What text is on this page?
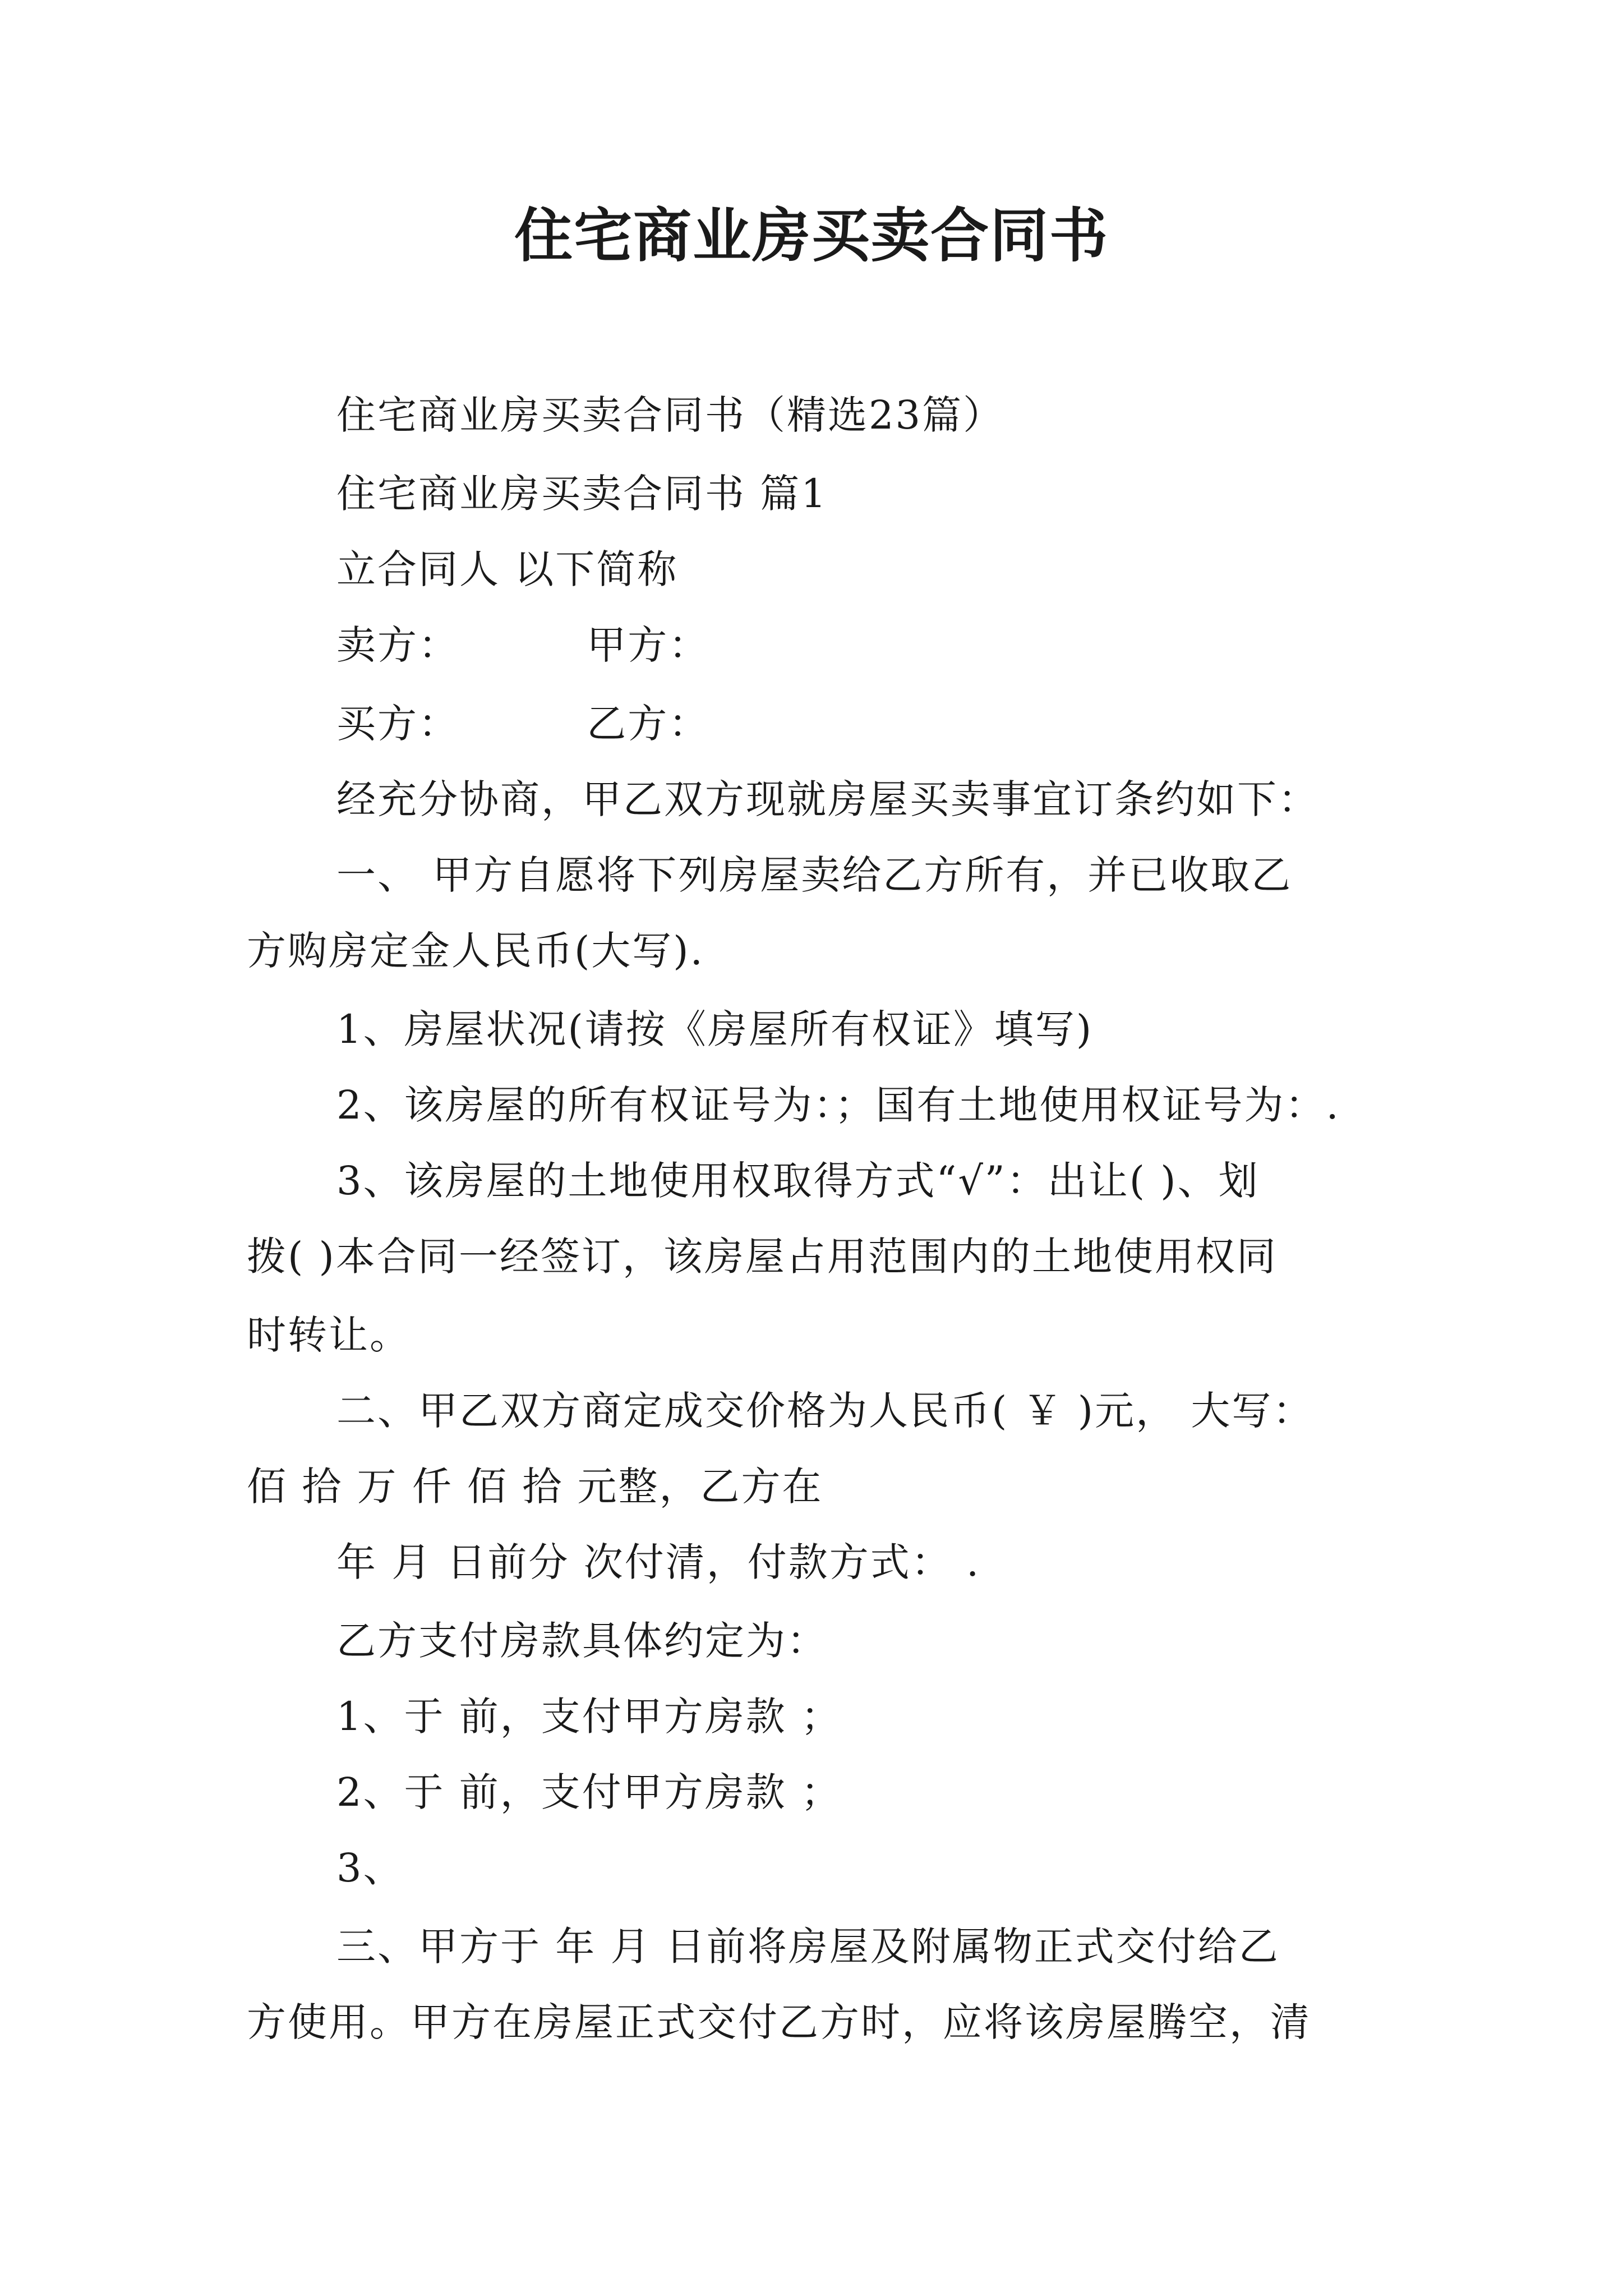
住宅商业房买卖合同书

住宅商业房买卖合同书（精选23篇）

住宅商业房买卖合同书 篇1

立合同人 以下简称

卖方：         甲方：

买方：         乙方：

经充分协商，甲乙双方现就房屋买卖事宜订条约如下：

一、 甲方自愿将下列房屋卖给乙方所有，并已收取乙

方购房定金人民币(大写).

1、房屋状况(请按《房屋所有权证》填写)

2、该房屋的所有权证号为：；国有土地使用权证号为：.

3、该房屋的土地使用权取得方式“√”：出让( )、划

拨( )本合同一经签订，该房屋占用范围内的土地使用权同

时转让。

二、甲乙双方商定成交价格为人民币( ￥ )元， 大写：

佰 拾 万 仟 佰 拾 元整，乙方在

年 月 日前分 次付清，付款方式： .

乙方支付房款具体约定为：

1、于 前，支付甲方房款 ；

2、于 前，支付甲方房款 ；

3、

三、甲方于 年 月 日前将房屋及附属物正式交付给乙

方使用。甲方在房屋正式交付乙方时，应将该房屋腾空，清
